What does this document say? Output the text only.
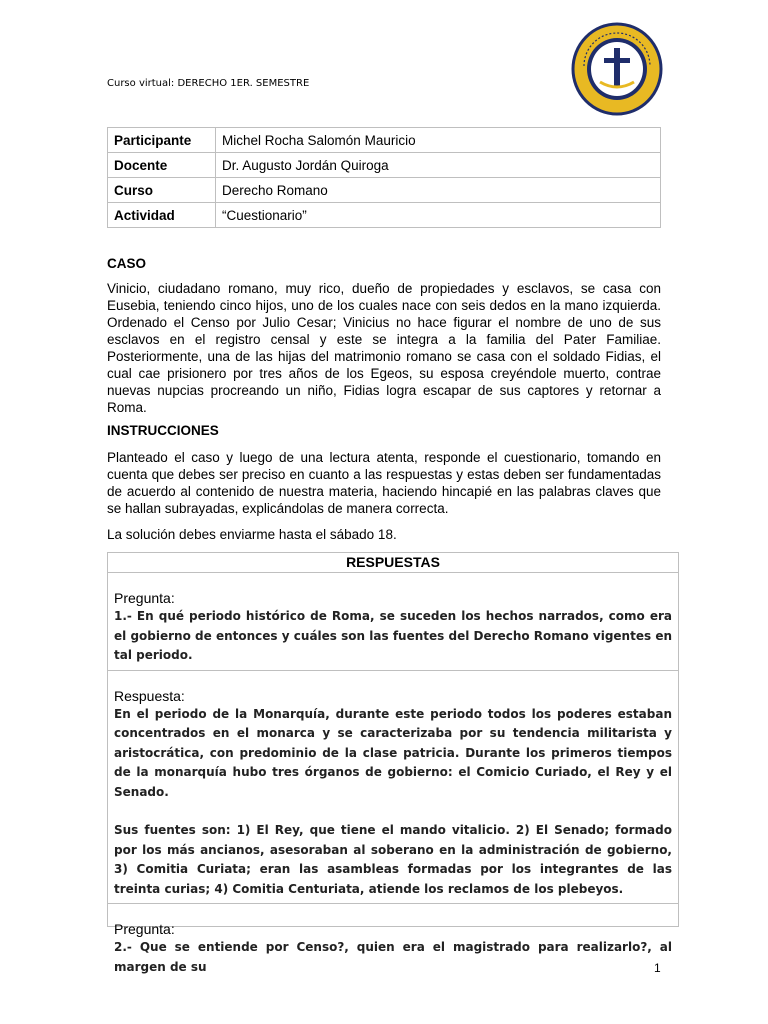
Curso virtual: DERECHO 1ER. SEMESTRE
Participante	Michel Rocha Salomón Mauricio
Docente	Dr. Augusto Jordán Quiroga
Curso	Derecho Romano
Actividad	“Cuestionario”
CASO
Vinicio, ciudadano romano, muy rico, dueño de propiedades y esclavos, se casa con Eusebia, teniendo cinco hijos, uno de los cuales nace con seis dedos en la mano izquierda. Ordenado el Censo por Julio Cesar; Vinicius no hace figurar el nombre de uno de sus esclavos en el registro censal y este se integra a la familia del Pater Familiae. Posteriormente, una de las hijas del matrimonio romano se casa con el soldado Fidias, el cual cae prisionero por tres años de los Egeos, su esposa creyéndole muerto, contrae nuevas nupcias procreando un niño, Fidias logra escapar de sus captores y retornar a Roma.
INSTRUCCIONES
Planteado el caso y luego de una lectura atenta, responde el cuestionario, tomando en cuenta que debes ser preciso en cuanto a las respuestas y estas deben ser fundamentadas de acuerdo al contenido de nuestra materia, haciendo hincapié en las palabras claves que se hallan subrayadas, explicándolas de manera correcta.
La solución debes enviarme hasta el sábado 18.
RESPUESTAS
Pregunta:
1.- En qué periodo histórico de Roma, se suceden los hechos narrados, como era el gobierno de entonces y cuáles son las fuentes del Derecho Romano vigentes en tal periodo.
Respuesta:
En el periodo de la Monarquía, durante este periodo todos los poderes estaban concentrados en el monarca y se caracterizaba por su tendencia militarista y aristocrática, con predominio de la clase patricia. Durante los primeros tiempos de la monarquía hubo tres órganos de gobierno: el Comicio Curiado, el Rey y el Senado.
Sus fuentes son: 1) El Rey, que tiene el mando vitalicio. 2) El Senado; formado por los más ancianos, asesoraban al soberano en la administración de gobierno, 3) Comitia Curiata; eran las asambleas formadas por los integrantes de las treinta curias; 4) Comitia Centuriata, atiende los reclamos de los plebeyos.
Pregunta:
2.- Que se entiende por Censo?, quien era el magistrado para realizarlo?, al margen de su	1
